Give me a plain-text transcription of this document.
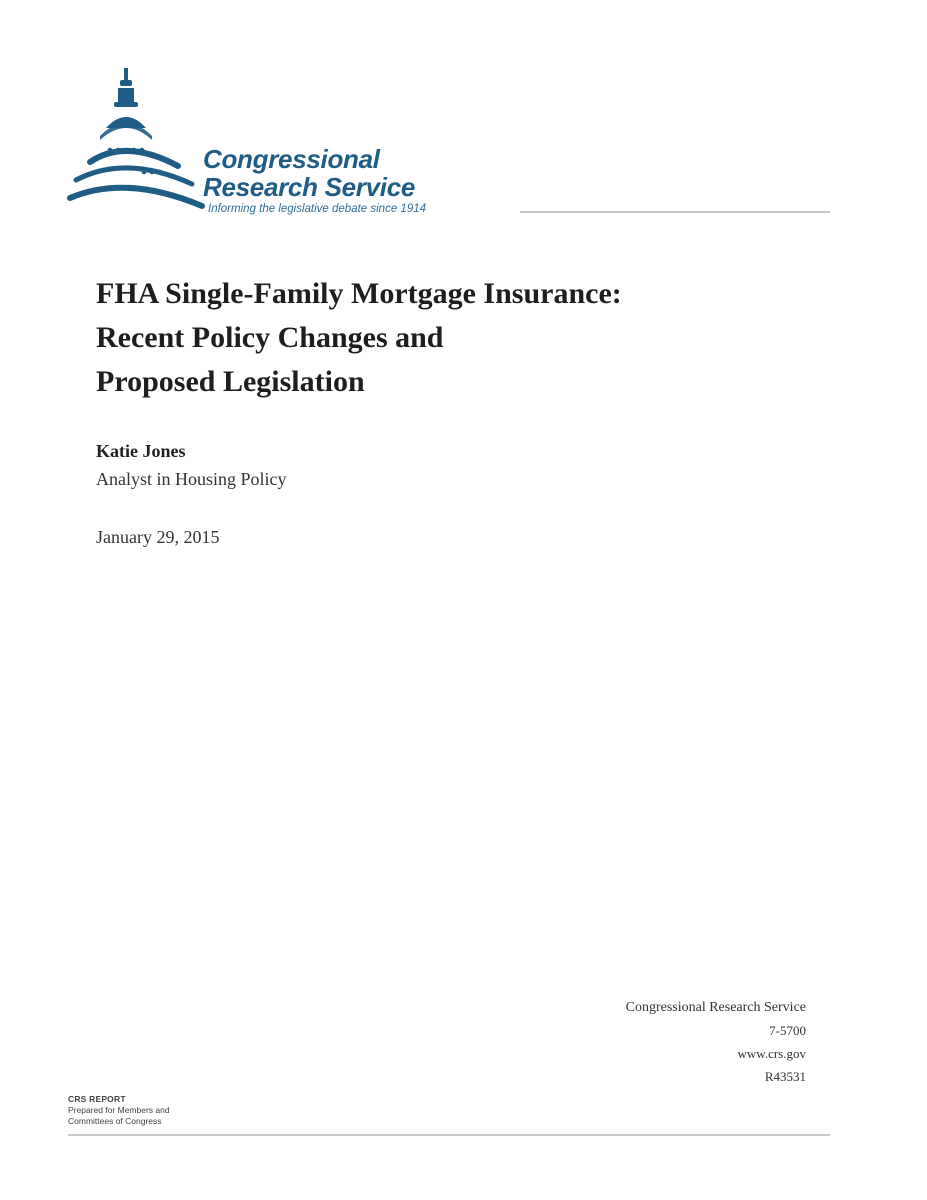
Congressional
Research Service
Informing the legislative debate since 1914
FHA Single-Family Mortgage Insurance:
Recent Policy Changes and
Proposed Legislation
Katie Jones
Analyst in Housing Policy
January 29, 2015
Congressional Research Service
7-5700
www.crs.gov
R43531
CRS REPORT
Prepared for Members and
Committees of Congress
